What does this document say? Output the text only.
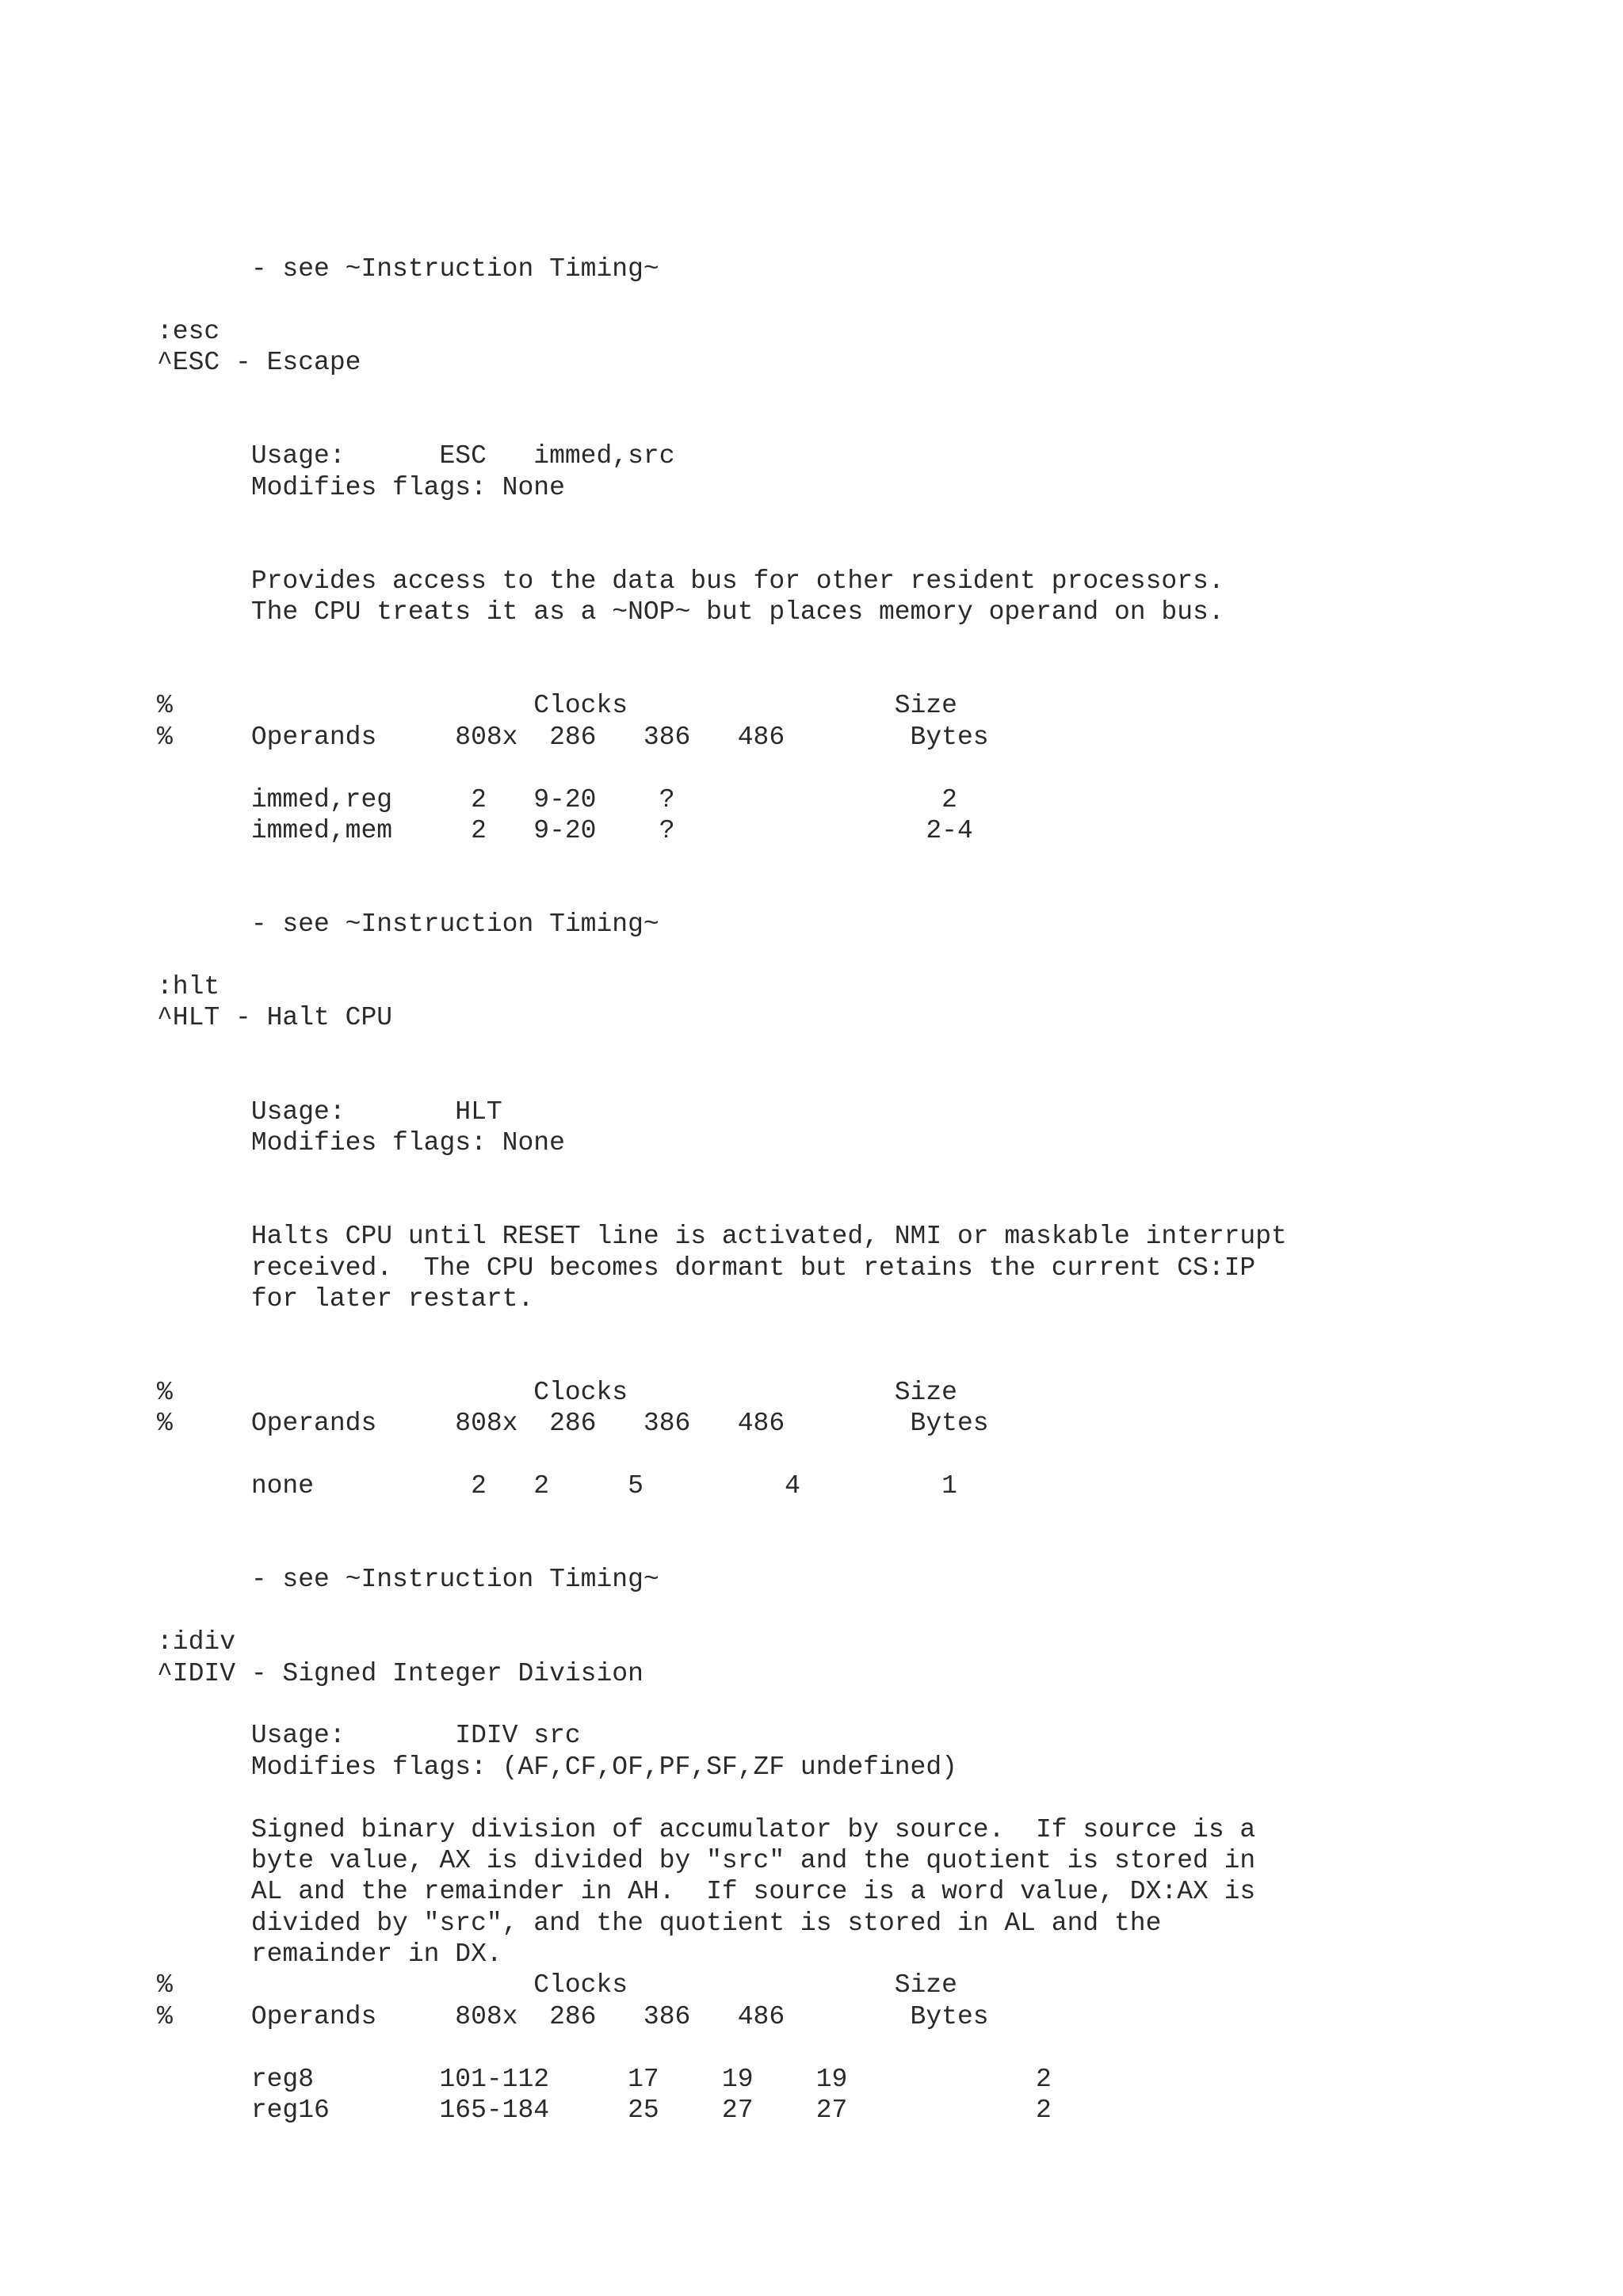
- see ~Instruction Timing~
:esc
^ESC - Escape
Usage:      ESC   immed,src
Modifies flags: None
Provides access to the data bus for other resident processors.
The CPU treats it as a ~NOP~ but places memory operand on bus.
%                       Clocks                 Size
%     Operands     808x  286   386   486        Bytes
immed,reg     2   9-20    ?                 2
immed,mem     2   9-20    ?                2-4
- see ~Instruction Timing~
:hlt
^HLT - Halt CPU
Usage:       HLT
Modifies flags: None
Halts CPU until RESET line is activated, NMI or maskable interrupt
received.  The CPU becomes dormant but retains the current CS:IP
for later restart.
%                       Clocks                 Size
%     Operands     808x  286   386   486        Bytes
none          2   2     5         4         1
- see ~Instruction Timing~
:idiv
^IDIV - Signed Integer Division
Usage:       IDIV src
Modifies flags: (AF,CF,OF,PF,SF,ZF undefined)
Signed binary division of accumulator by source.  If source is a
byte value, AX is divided by "src" and the quotient is stored in
AL and the remainder in AH.  If source is a word value, DX:AX is
divided by "src", and the quotient is stored in AL and the
remainder in DX.
%                       Clocks                 Size
%     Operands     808x  286   386   486        Bytes
reg8        101-112     17    19    19            2
reg16       165-184     25    27    27            2
